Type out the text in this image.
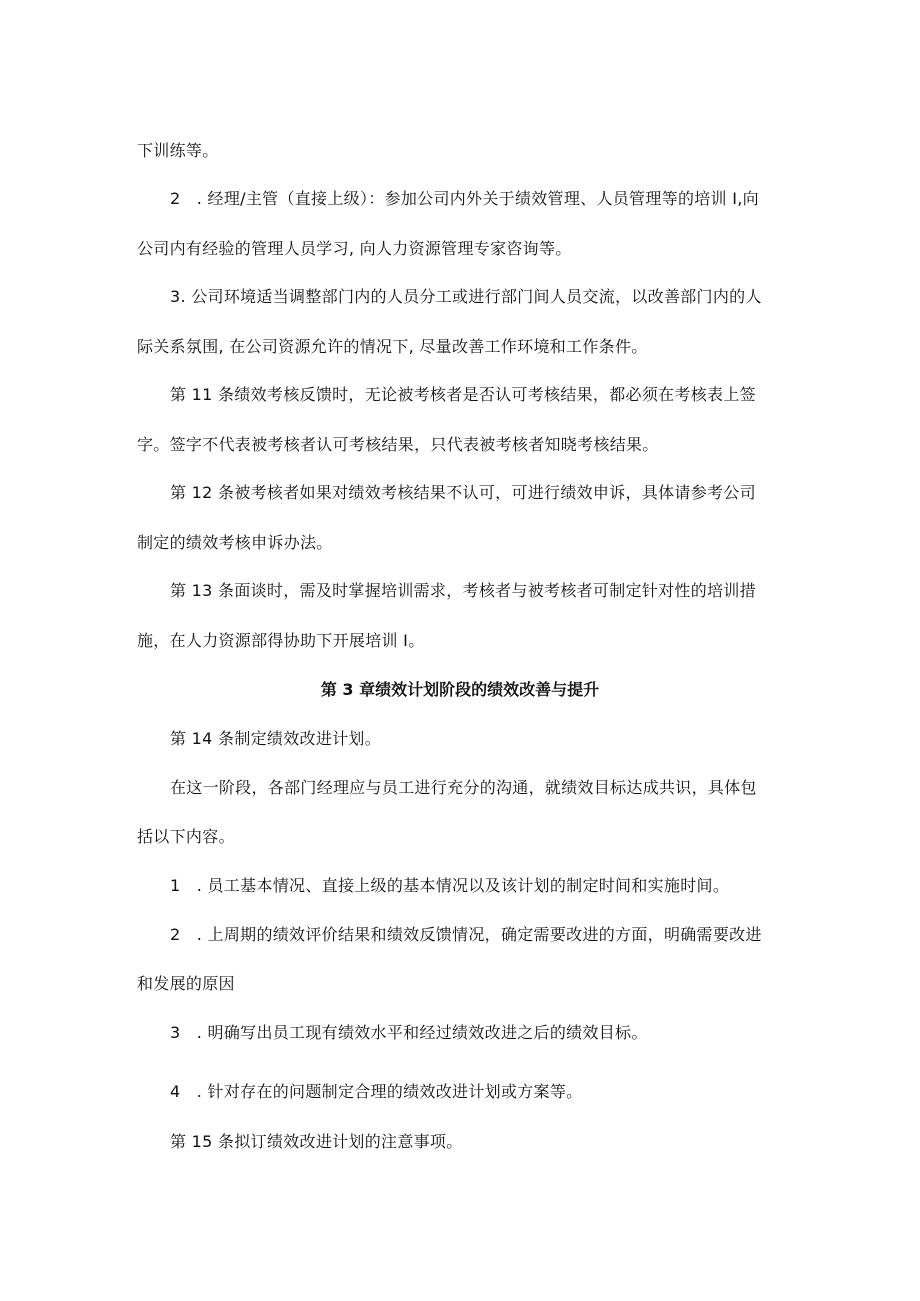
下训练等。
2　. 经理/主管（直接上级）：参加公司内外关于绩效管理、人员管理等的培训 I,向
公司内有经验的管理人员学习, 向人力资源管理专家咨询等。
3. 公司环境适当调整部门内的人员分工或进行部门间人员交流，以改善部门内的人
际关系氛围, 在公司资源允许的情况下, 尽量改善工作环境和工作条件。
第 11 条绩效考核反馈时，无论被考核者是否认可考核结果，都必须在考核表上签
字。签字不代表被考核者认可考核结果，只代表被考核者知晓考核结果。
第 12 条被考核者如果对绩效考核结果不认可，可进行绩效申诉，具体请参考公司
制定的绩效考核申诉办法。
第 13 条面谈时，需及时掌握培训需求，考核者与被考核者可制定针对性的培训措
施，在人力资源部得协助下开展培训 I。
第 3 章绩效计划阶段的绩效改善与提升
第 14 条制定绩效改进计划。
在这一阶段，各部门经理应与员工进行充分的沟通，就绩效目标达成共识，具体包
括以下内容。
1　. 员工基本情况、直接上级的基本情况以及该计划的制定时间和实施时间。
2　. 上周期的绩效评价结果和绩效反馈情况，确定需要改进的方面，明确需要改进
和发展的原因
3　. 明确写出员工现有绩效水平和经过绩效改进之后的绩效目标。
4　. 针对存在的问题制定合理的绩效改进计划或方案等。
第 15 条拟订绩效改进计划的注意事项。
